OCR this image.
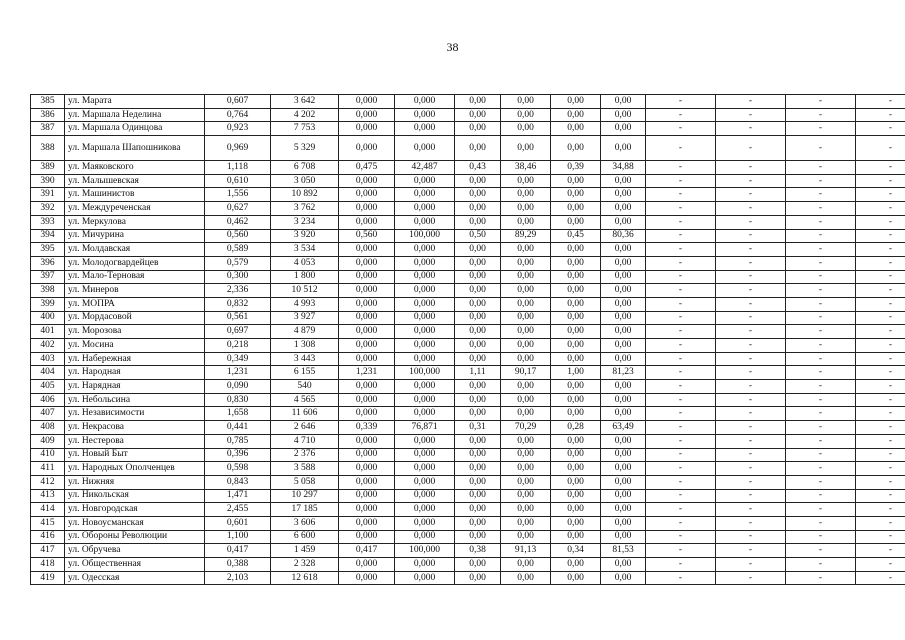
38
385	ул. Марата	0,607	3 642	0,000	0,000	0,00	0,00	0,00	0,00	-	-	-	-
386	ул. Маршала Неделина	0,764	4 202	0,000	0,000	0,00	0,00	0,00	0,00	-	-	-	-
387	ул. Маршала Одинцова	0,923	7 753	0,000	0,000	0,00	0,00	0,00	0,00	-	-	-	-
388	ул. Маршала Шапошникова	0,969	5 329	0,000	0,000	0,00	0,00	0,00	0,00	-	-	-	-
389	ул. Маяковского	1,118	6 708	0,475	42,487	0,43	38,46	0,39	34,88	-	-	-	-
390	ул. Малышевская	0,610	3 050	0,000	0,000	0,00	0,00	0,00	0,00	-	-	-	-
391	ул. Машинистов	1,556	10 892	0,000	0,000	0,00	0,00	0,00	0,00	-	-	-	-
392	ул. Междуреченская	0,627	3 762	0,000	0,000	0,00	0,00	0,00	0,00	-	-	-	-
393	ул. Меркулова	0,462	3 234	0,000	0,000	0,00	0,00	0,00	0,00	-	-	-	-
394	ул. Мичурина	0,560	3 920	0,560	100,000	0,50	89,29	0,45	80,36	-	-	-	-
395	ул. Молдавская	0,589	3 534	0,000	0,000	0,00	0,00	0,00	0,00	-	-	-	-
396	ул. Молодогвардейцев	0,579	4 053	0,000	0,000	0,00	0,00	0,00	0,00	-	-	-	-
397	ул. Мало-Терновая	0,300	1 800	0,000	0,000	0,00	0,00	0,00	0,00	-	-	-	-
398	ул. Минеров	2,336	10 512	0,000	0,000	0,00	0,00	0,00	0,00	-	-	-	-
399	ул. МОПРА	0,832	4 993	0,000	0,000	0,00	0,00	0,00	0,00	-	-	-	-
400	ул. Мордасовой	0,561	3 927	0,000	0,000	0,00	0,00	0,00	0,00	-	-	-	-
401	ул. Морозова	0,697	4 879	0,000	0,000	0,00	0,00	0,00	0,00	-	-	-	-
402	ул. Мосина	0,218	1 308	0,000	0,000	0,00	0,00	0,00	0,00	-	-	-	-
403	ул. Набережная	0,349	3 443	0,000	0,000	0,00	0,00	0,00	0,00	-	-	-	-
404	ул. Народная	1,231	6 155	1,231	100,000	1,11	90,17	1,00	81,23	-	-	-	-
405	ул. Нарядная	0,090	540	0,000	0,000	0,00	0,00	0,00	0,00	-	-	-	-
406	ул. Небольсина	0,830	4 565	0,000	0,000	0,00	0,00	0,00	0,00	-	-	-	-
407	ул. Независимости	1,658	11 606	0,000	0,000	0,00	0,00	0,00	0,00	-	-	-	-
408	ул. Некрасова	0,441	2 646	0,339	76,871	0,31	70,29	0,28	63,49	-	-	-	-
409	ул. Нестерова	0,785	4 710	0,000	0,000	0,00	0,00	0,00	0,00	-	-	-	-
410	ул. Новый Быт	0,396	2 376	0,000	0,000	0,00	0,00	0,00	0,00	-	-	-	-
411	ул. Народных Ополченцев	0,598	3 588	0,000	0,000	0,00	0,00	0,00	0,00	-	-	-	-
412	ул. Нижняя	0,843	5 058	0,000	0,000	0,00	0,00	0,00	0,00	-	-	-	-
413	ул. Никольская	1,471	10 297	0,000	0,000	0,00	0,00	0,00	0,00	-	-	-	-
414	ул. Новгородская	2,455	17 185	0,000	0,000	0,00	0,00	0,00	0,00	-	-	-	-
415	ул. Новоусманская	0,601	3 606	0,000	0,000	0,00	0,00	0,00	0,00	-	-	-	-
416	ул. Обороны Революции	1,100	6 600	0,000	0,000	0,00	0,00	0,00	0,00	-	-	-	-
417	ул. Обручева	0,417	1 459	0,417	100,000	0,38	91,13	0,34	81,53	-	-	-	-
418	ул. Общественная	0,388	2 328	0,000	0,000	0,00	0,00	0,00	0,00	-	-	-	-
419	ул. Одесская	2,103	12 618	0,000	0,000	0,00	0,00	0,00	0,00	-	-	-	-
